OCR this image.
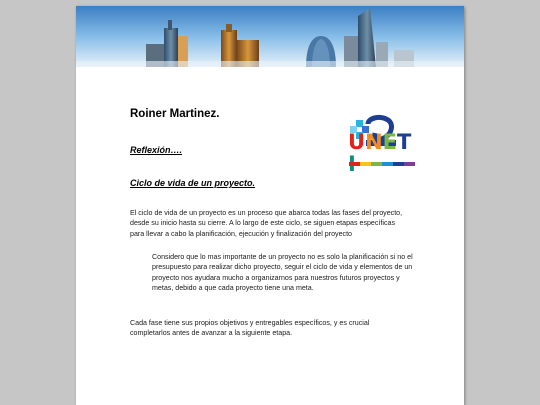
UNET
Roiner Martinez.
Reflexión….
Ciclo de vida de un proyecto.

El ciclo de vida de un proyecto es un proceso que abarca todas las fases del proyecto, desde su inicio hasta su cierre. A lo largo de este ciclo, se siguen etapas específicas para llevar a cabo la planificación, ejecución y finalización del proyecto

Considero que lo mas importante de un proyecto no es solo la planificación si no el presupuesto para realizar dicho proyecto, seguir el ciclo de vida y elementos de un proyecto nos ayudara mucho a organizarnos para nuestros futuros proyectos y metas, debido a que cada proyecto tiene una meta.

Cada fase tiene sus propios objetivos y entregables específicos, y es crucial completarlos antes de avanzar a la siguiente etapa.
